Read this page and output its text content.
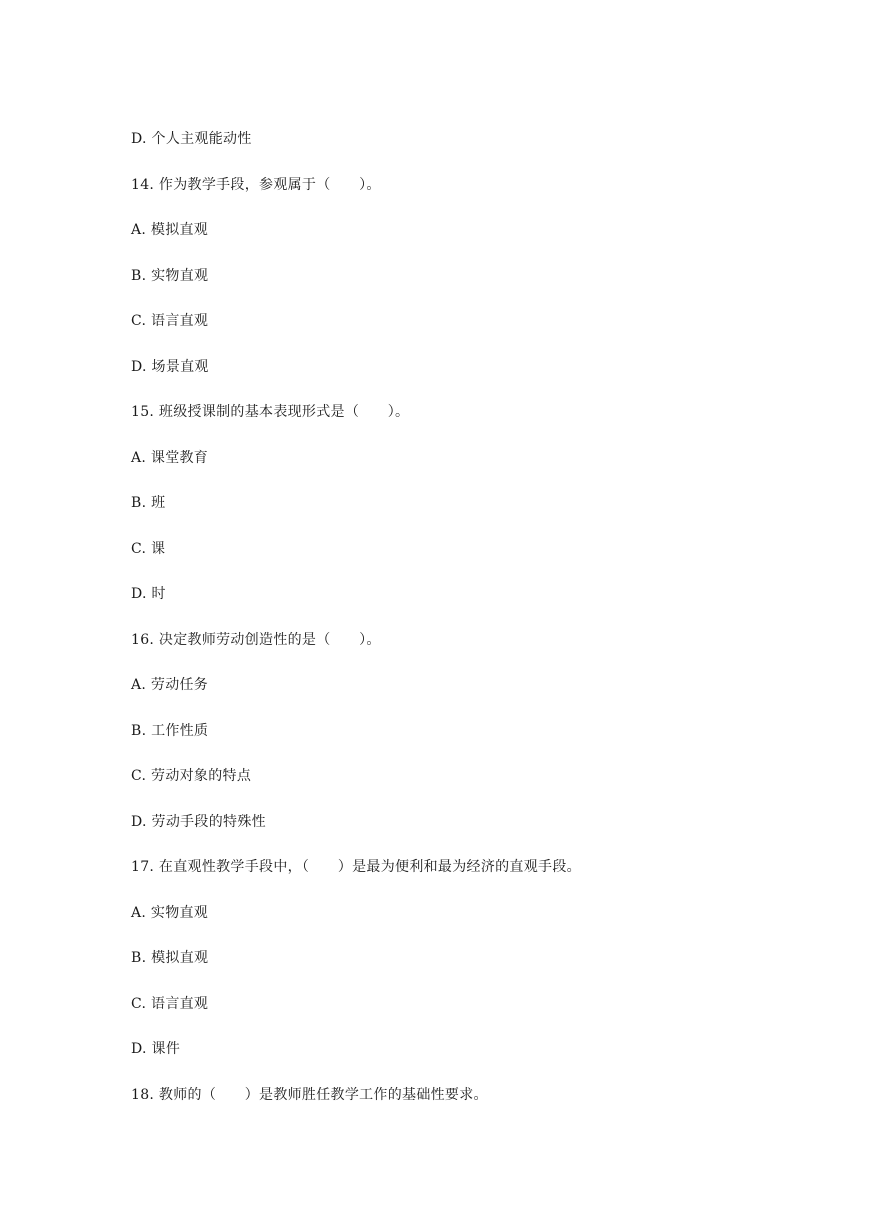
D. 个人主观能动性
14. 作为教学手段，参观属于（　　）。
A. 模拟直观
B. 实物直观
C. 语言直观
D. 场景直观
15. 班级授课制的基本表现形式是（　　）。
A. 课堂教育
B. 班
C. 课
D. 时
16. 决定教师劳动创造性的是（　　）。
A. 劳动任务
B. 工作性质
C. 劳动对象的特点
D. 劳动手段的特殊性
17. 在直观性教学手段中，（　　）是最为便利和最为经济的直观手段。
A. 实物直观
B. 模拟直观
C. 语言直观
D. 课件
18. 教师的（　　）是教师胜任教学工作的基础性要求。
